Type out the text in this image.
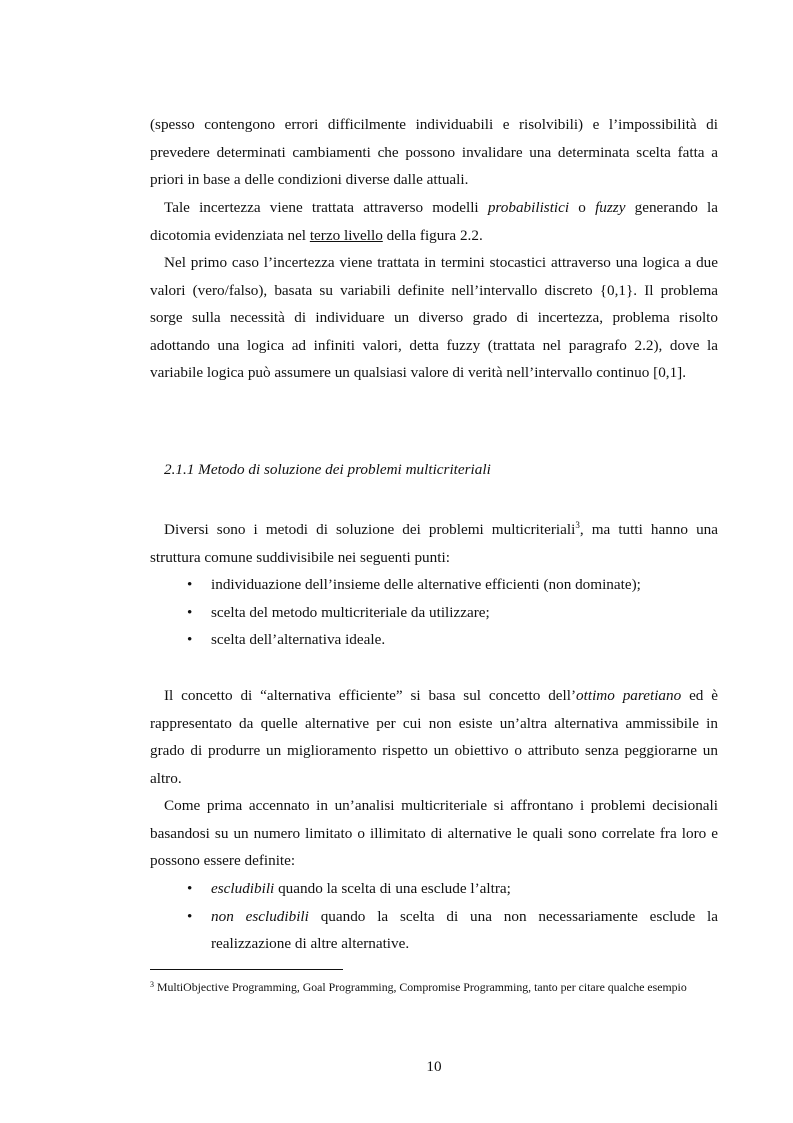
(spesso contengono errori difficilmente individuabili e risolvibili) e l’impossibilità di prevedere determinati cambiamenti che possono invalidare una determinata scelta fatta a priori in base a delle condizioni diverse dalle attuali.

Tale incertezza viene trattata attraverso modelli probabilistici o fuzzy generando la dicotomia evidenziata nel terzo livello della figura 2.2.

Nel primo caso l’incertezza viene trattata in termini stocastici attraverso una logica a due valori (vero/falso), basata su variabili definite nell’intervallo discreto {0,1}. Il problema sorge sulla necessità di individuare un diverso grado di incertezza, problema risolto adottando una logica ad infiniti valori, detta fuzzy (trattata nel paragrafo 2.2), dove la variabile logica può assumere un qualsiasi valore di verità nell’intervallo continuo [0,1].

2.1.1 Metodo di soluzione dei problemi multicriteriali

Diversi sono i metodi di soluzione dei problemi multicriteriali$^3$, ma tutti hanno una struttura comune suddivisibile nei seguenti punti:

• individuazione dell’insieme delle alternative efficienti (non dominate);
• scelta del metodo multicriteriale da utilizzare;
• scelta dell’alternativa ideale.

Il concetto di “alternativa efficiente” si basa sul concetto dell’ottimo paretiano ed è rappresentato da quelle alternative per cui non esiste un’altra alternativa ammissibile in grado di produrre un miglioramento rispetto un obiettivo o attributo senza peggiorarne un altro.

Come prima accennato in un’analisi multicriteriale si affrontano i problemi decisionali basandosi su un numero limitato o illimitato di alternative le quali sono correlate fra loro e possono essere definite:

• escludibili quando la scelta di una esclude l’altra;
• non escludibili quando la scelta di una non necessariamente esclude la realizzazione di altre alternative.

$^3$ MultiObjective Programming, Goal Programming, Compromise Programming, tanto per citare qualche esempio

10
